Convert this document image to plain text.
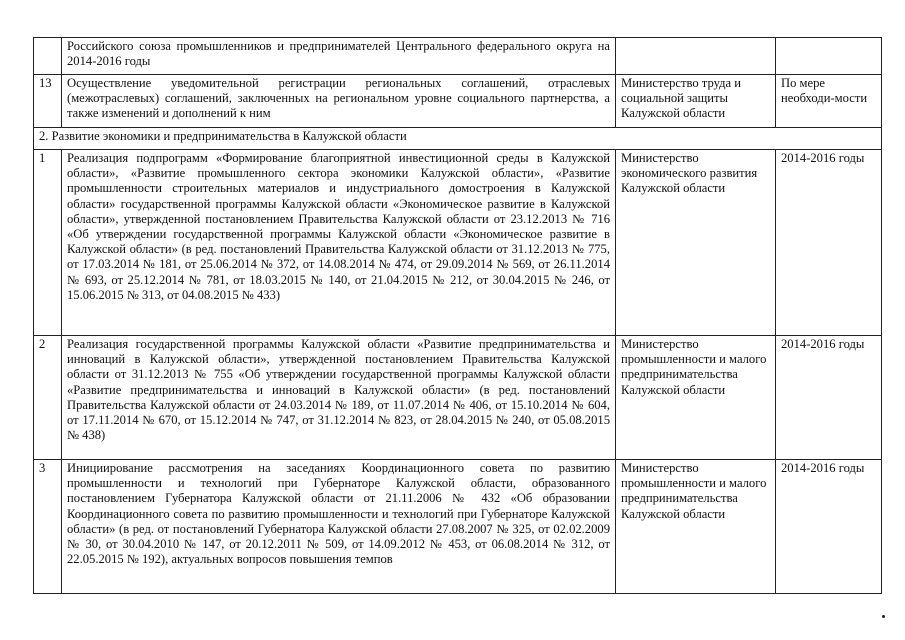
	Российского союза промышленников и предпринимателей Центрального федерального округа на 2014-2016 годы		
13	Осуществление уведомительной регистрации региональных соглашений, отраслевых (межотраслевых) соглашений, заключенных на региональном уровне социального партнерства, а также изменений и дополнений к ним	Министерство труда и социальной защиты Калужской области	По мере необходи-мости
2. Развитие экономики и предпринимательства в Калужской области			
1	Реализация подпрограмм «Формирование благоприятной инвестиционной среды в Калужской области», «Развитие промышленного сектора экономики Калужской области», «Развитие промышленности строительных материалов и индустриального домостроения в Калужской области» государственной программы Калужской области «Экономическое развитие в Калужской области», утвержденной постановлением Правительства Калужской области от 23.12.2013 № 716 «Об утверждении государственной программы Калужской области «Экономическое развитие в Калужской области» (в ред. постановлений Правительства Калужской области от 31.12.2013 № 775, от 17.03.2014 № 181, от 25.06.2014 № 372, от 14.08.2014 № 474, от 29.09.2014 № 569, от 26.11.2014 № 693, от 25.12.2014 № 781, от 18.03.2015 № 140, от 21.04.2015 № 212, от 30.04.2015 № 246, от 15.06.2015 № 313, от 04.08.2015 № 433)	Министерство экономического развития Калужской области	2014-2016 годы
2	Реализация государственной программы Калужской области «Развитие предпринимательства и инноваций в Калужской области», утвержденной постановлением Правительства Калужской области от 31.12.2013 № 755 «Об утверждении государственной программы Калужской области «Развитие предпринимательства и инноваций в Калужской области» (в ред. постановлений Правительства Калужской области от 24.03.2014 № 189, от 11.07.2014 № 406, от 15.10.2014 № 604, от 17.11.2014 № 670, от 15.12.2014 № 747, от 31.12.2014 № 823, от 28.04.2015 № 240, от 05.08.2015 № 438)	Министерство промышленности и малого предпринимательства Калужской области	2014-2016 годы
3	Инициирование рассмотрения на заседаниях Координационного совета по развитию промышленности и технологий при Губернаторе Калужской области, образованного постановлением Губернатора Калужской области от 21.11.2006 № 432 «Об образовании Координационного совета по развитию промышленности и технологий при Губернаторе Калужской области» (в ред. от постановлений Губернатора Калужской области 27.08.2007 № 325, от 02.02.2009 № 30, от 30.04.2010 № 147, от 20.12.2011 № 509, от 14.09.2012 № 453, от 06.08.2014 № 312, от 22.05.2015 № 192), актуальных вопросов повышения темпов	Министерство промышленности и малого предпринимательства Калужской области	2014-2016 годы
